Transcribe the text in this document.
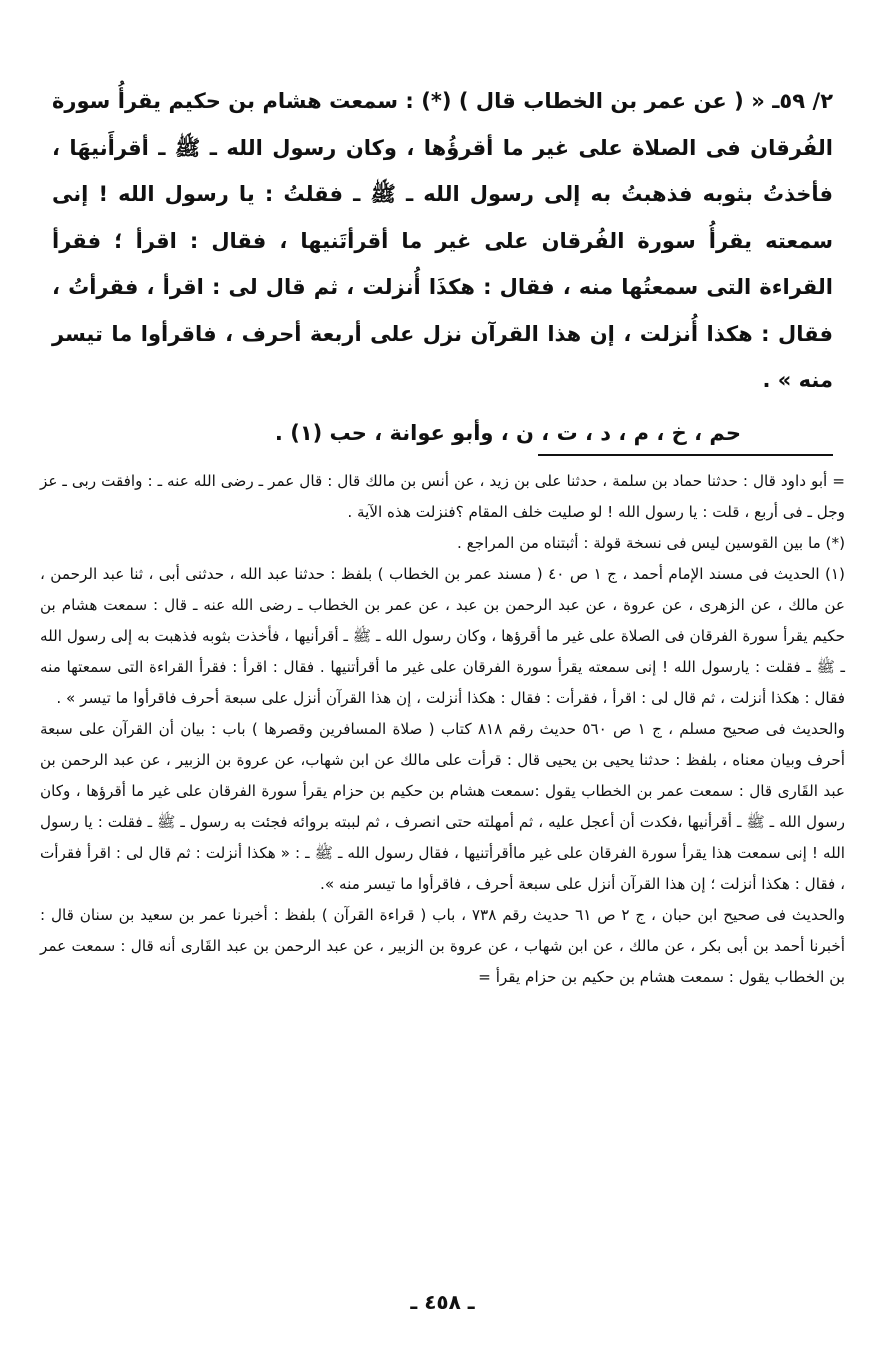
٢/ ٥٩ـ « ( عن عمر بن الخطاب قال ) (*) : سمعت هشام بن حكيم يقرأُ سورة الفُرقان فى الصلاة على غير ما أقرؤُها ، وكان رسول الله ـ ﷺ ـ أقرأَنيهَا ، فأخذتُ بثوبه فذهبتُ به إلى رسول الله ـ ﷺ ـ فقلتُ : يا رسول الله ! إنى سمعته يقرأُ سورة الفُرقان على غير ما أقرأتَنيها ، فقال : اقرأ ؛ فقرأ القراءة التى سمعتُها منه ، فقال : هكذَا أُنزلت ، ثم قال لى : اقرأ ، فقرأتُ ، فقال : هكذا أُنزلت ، إن هذا القرآن نزل على أربعة أحرف ، فاقرأوا ما تيسر منه » .

حم ، خ ، م ، د ، ت ، ن ، وأبو عوانة ، حب (١) .

= أبو داود قال : حدثنا حماد بن سلمة ، حدثنا على بن زيد ، عن أنس بن مالك قال : قال عمر ـ رضى الله عنه ـ : وافقت ربى ـ عز وجل ـ فى أربع ، قلت : يا رسول الله ! لو صليت خلف المقام ؟فنزلت هذه الآية .

(*) ما بين القوسين ليس فى نسخة قولة : أثبتناه من المراجع .

(١) الحديث فى مسند الإمام أحمد ، ج ١ ص ٤٠ ( مسند عمر بن الخطاب ) بلفظ : حدثنا عبد الله ، حدثنى أبى ، ثنا عبد الرحمن ، عن مالك ، عن الزهرى ، عن عروة ، عن عبد الرحمن بن عبد ، عن عمر بن الخطاب ـ رضى الله عنه ـ قال : سمعت هشام بن حكيم يقرأ سورة الفرقان فى الصلاة على غير ما أقرؤها ، وكان رسول الله ـ ﷺ ـ أقرأنيها ، فأخذت بثوبه فذهبت به إلى رسول الله ـ ﷺ ـ فقلت : يارسول الله ! إنى سمعته يقرأ سورة الفرقان على غير ما أقرأتنيها . فقال : اقرأ : فقرأ القراءة التى سمعتها منه فقال : هكذا أنزلت ، ثم قال لى : اقرأ ، فقرأت : فقال : هكذا أنزلت ، إن هذا القرآن أنزل على سبعة أحرف فاقرأوا ما تيسر » .

والحديث فى صحيح مسلم ، ج ١ ص ٥٦٠ حديث رقم ٨١٨ كتاب ( صلاة المسافرين وقصرها ) باب : بيان أن القرآن على سبعة أحرف وبيان معناه ، بلفظ : حدثنا يحيى بن يحيى قال : قرأت على مالك عن ابن شهاب، عن عروة بن الزبير ، عن عبد الرحمن بن عبد القَارى قال : سمعت عمر بن الخطاب يقول :سمعت هشام بن حكيم بن حزام يقرأ سورة الفرقان على غير ما أقرؤها ، وكان رسول الله ـ ﷺ ـ أقرأنيها ،فكدت أن أعجل عليه ، ثم أمهلته حتى انصرف ، ثم لببته بروائه فجئت به رسول ـ ﷺ ـ فقلت : يا رسول الله ! إنى سمعت هذا يقرأ سورة الفرقان على غير ماأقرأتنيها ، فقال رسول الله ـ ﷺ ـ : « هكذا أنزلت : ثم قال لى : اقرأ فقرأت ، فقال : هكذا أنزلت ؛ إن هذا القرآن أنزل على سبعة أحرف ، فاقرأوا ما تيسر منه ».

والحديث فى صحيح ابن حبان ، ج ٢ ص ٦١ حديث رقم ٧٣٨ ، باب ( قراءة القرآن ) بلفظ : أخبرنا عمر بن سعيد بن سنان قال : أخبرنا أحمد بن أبى بكر ، عن مالك ، عن ابن شهاب ، عن عروة بن الزبير ، عن عبد الرحمن بن عبد القَارى أنه قال : سمعت عمر بن الخطاب يقول : سمعت هشام بن حكيم بن حزام يقرأ =

ـ ٤٥٨ ـ
